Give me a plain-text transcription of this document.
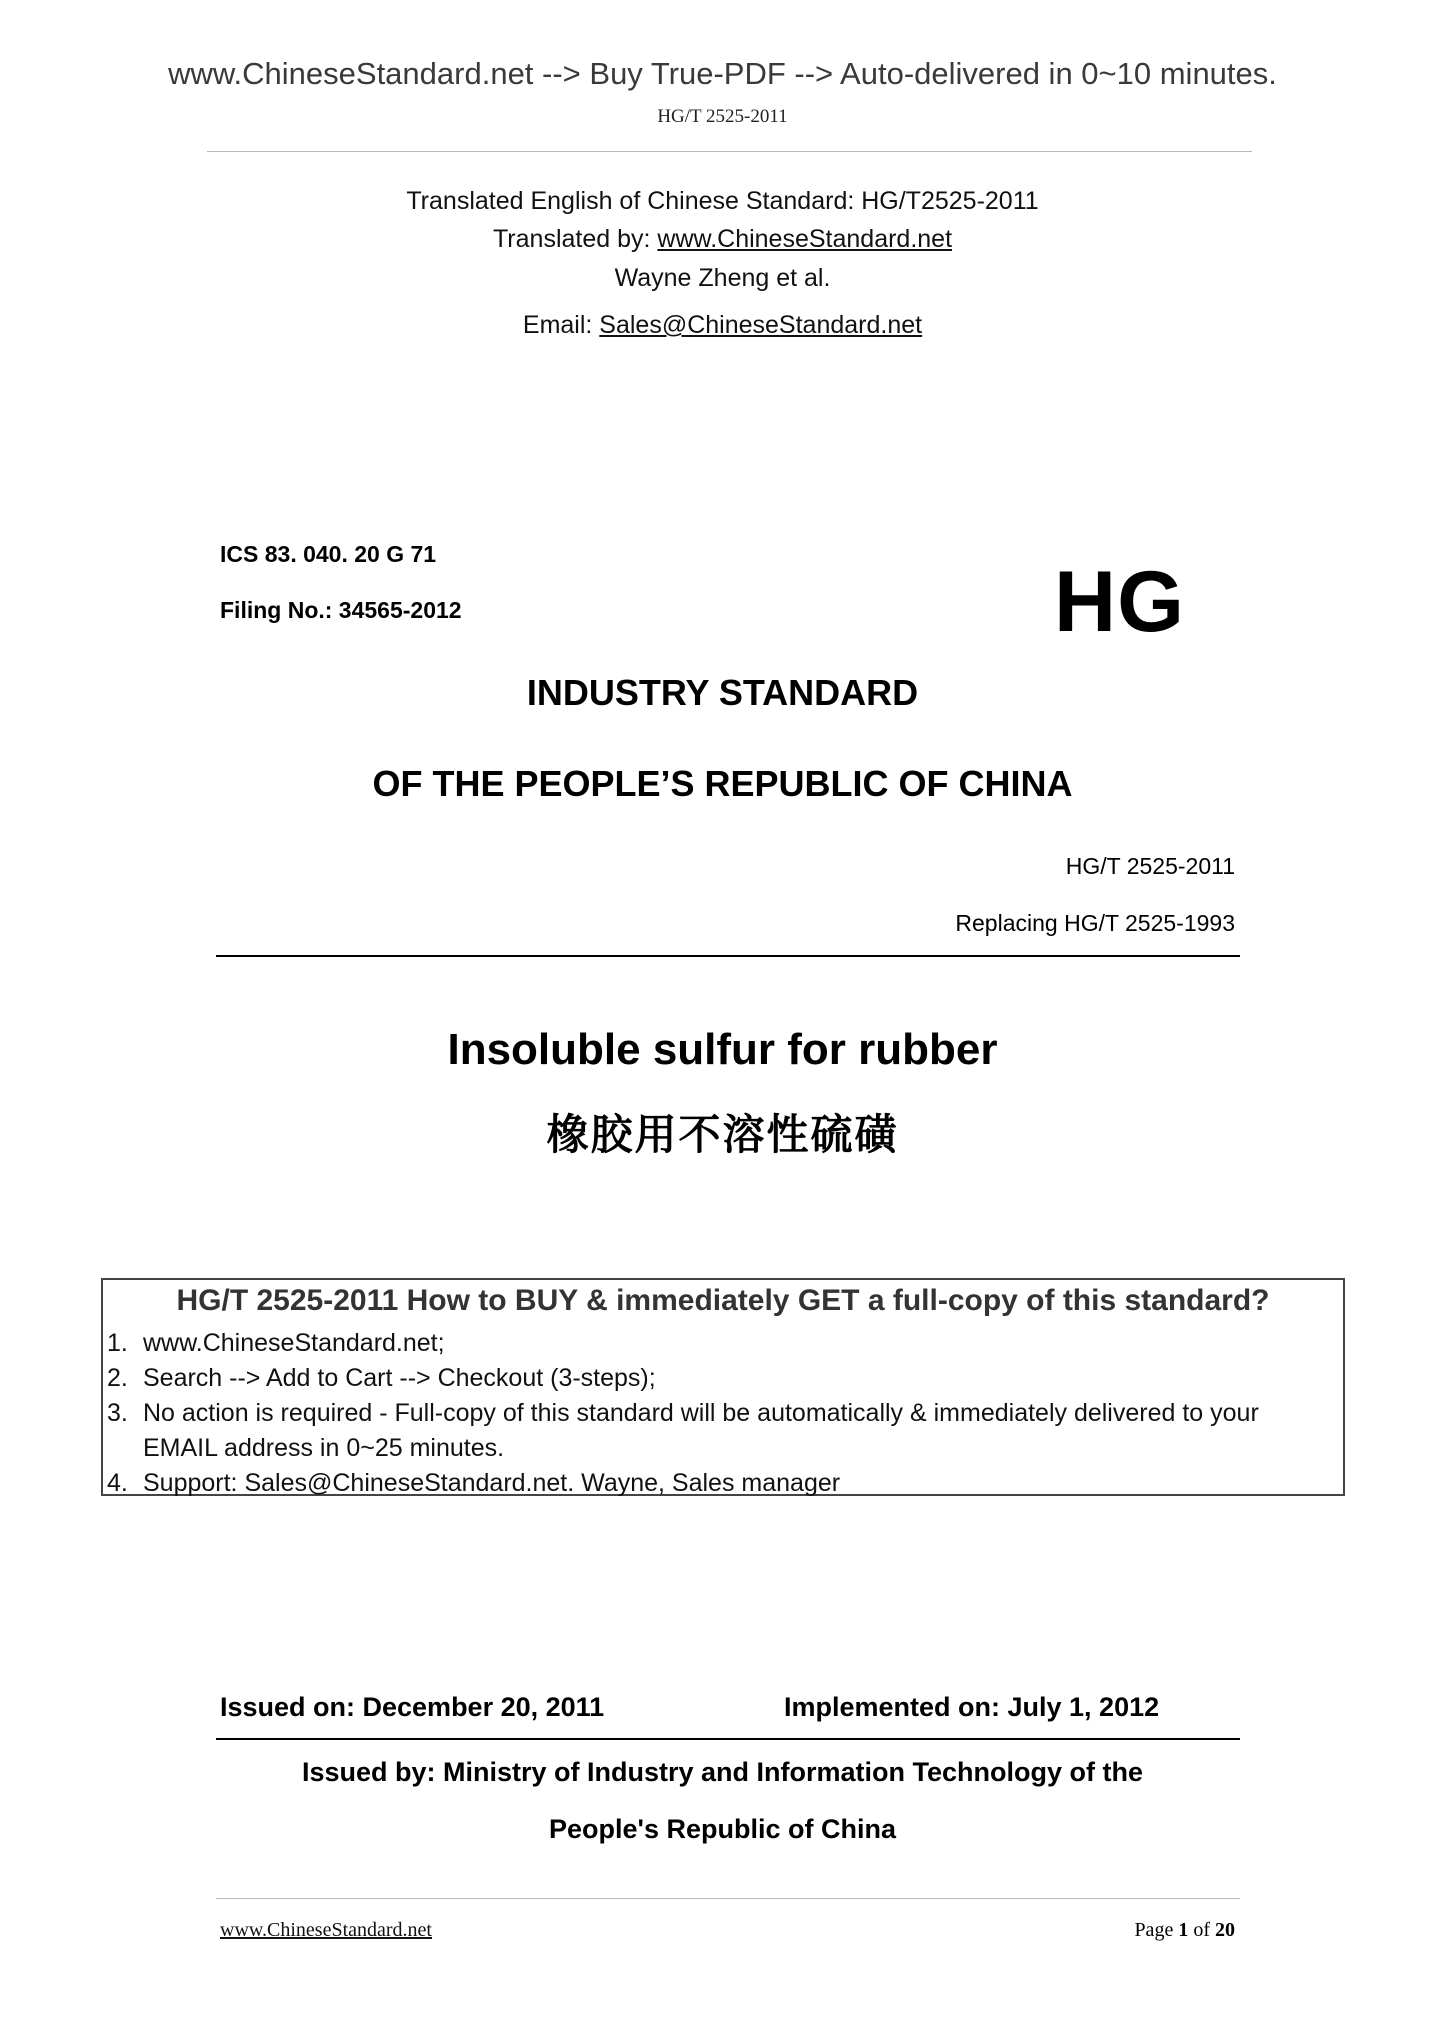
www.ChineseStandard.net --> Buy True-PDF --> Auto-delivered in 0~10 minutes.
HG/T 2525-2011
Translated English of Chinese Standard: HG/T2525-2011
Translated by: www.ChineseStandard.net
Wayne Zheng et al.
Email: Sales@ChineseStandard.net
ICS 83. 040. 20 G 71
Filing No.: 34565-2012	HG
INDUSTRY STANDARD
OF THE PEOPLE’S REPUBLIC OF CHINA
HG/T 2525-2011
Replacing HG/T 2525-1993
Insoluble sulfur for rubber
橡胶用不溶性硫磺
HG/T 2525-2011 How to BUY & immediately GET a full-copy of this standard?
1. www.ChineseStandard.net;
2. Search --> Add to Cart --> Checkout (3-steps);
3. No action is required - Full-copy of this standard will be automatically & immediately delivered to your EMAIL address in 0~25 minutes.
4. Support: Sales@ChineseStandard.net. Wayne, Sales manager
Issued on: December 20, 2011	Implemented on: July 1, 2012
Issued by: Ministry of Industry and Information Technology of the
People's Republic of China
www.ChineseStandard.net	Page 1 of 20
